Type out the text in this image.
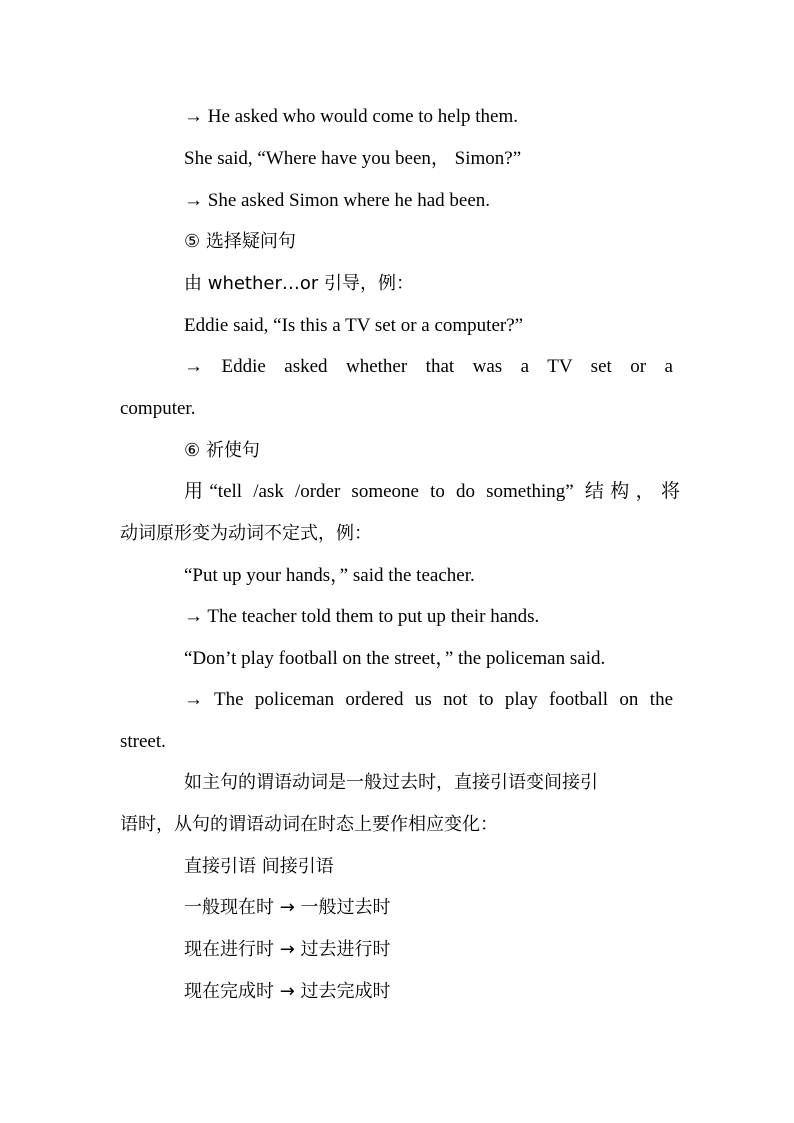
→ He asked who would come to help them.

She said, “Where have you been， Simon?”

→ She asked Simon where he had been.

⑤ 选择疑问句

由 whether…or 引导，例：

Eddie said, “Is this a TV set or a computer?”

→ Eddie asked whether that was a TV set or a

computer.

⑥ 祈使句

用“tell /ask /order someone to do something” 结构，将

动词原形变为动词不定式，例：

“Put up your hands，” said the teacher.

→ The teacher told them to put up their hands.

“Don’t play football on the street，” the policeman said.

→ The policeman ordered us not to play football on the

street.

如主句的谓语动词是一般过去时，直接引语变间接引

语时，从句的谓语动词在时态上要作相应变化：

直接引语 间接引语

一般现在时 → 一般过去时

现在进行时 → 过去进行时

现在完成时 → 过去完成时
